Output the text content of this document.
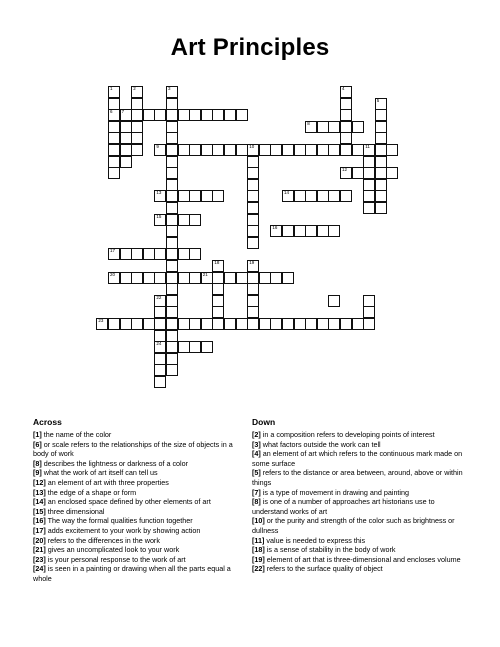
Art Principles
1
6
2	3	4
5
7
8
9	10	11
12
13	14
15
16
17
18	19
20	21
22
24
23
Across
[1] the name of the color
[6] or scale refers to the relationships of the size of objects in a body of work
[8] describes the lightness or darkness of a color
[9] what the work of art itself can tell us
[12] an element of art with three properties
[13] the edge of a shape or form
[14] an enclosed space defined by other elements of art
[15] three dimensional
[16] The way the formal qualities function together
[17] adds excitement to your work by showing action
[20] refers to the differences in the work
[21] gives an uncomplicated look to your work
[23] is your personal response to the work of art
[24] is seen in a painting or drawing when all the parts equal a whole
Down
[2] in a composition refers to developing points of interest
[3] what factors outside the work can tell
[4] an element of art which refers to the continuous mark made on some surface
[5] refers to the distance or area between, around, above or within things
[7] is a type of movement in drawing and painting
[8] is one of a number of approaches art historians use to understand works of art
[10] or the purity and strength of the color such as brightness or dullness
[11] value is needed to express this
[18] is a sense of stability in the body of work
[19] element of art that is three-dimensional and encloses volume
[22] refers to the surface quality of object
